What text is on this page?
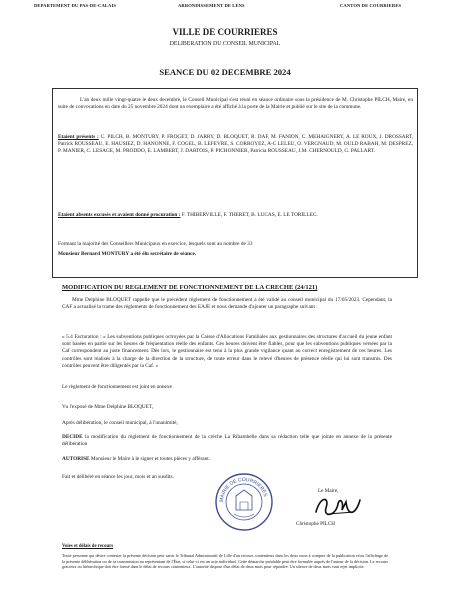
DEPARTEMENT DU PAS-DE-CALAIS	ARRONDISSEMENT DE LENS	CANTON DE COURRIERES
VILLE DE COURRIERES
DELIBERATION DU CONSEIL MUNICIPAL
SEANCE DU 02 DECEMBRE 2024

L'an deux mille vingt-quatre le deux decembre, le Conseil Municipal s'est réuni en séance ordinaire sous la présidence de M. Christophe PILCH, Maire, en suite de convocations en date du 25 novembre 2024 dont un exemplaire a été affiché à la porte de la Mairie et publié sur le site de la commune.

Etaient présents : C. PILCH, B. MONTURY, P. FROGET, D. JARRY, D. BLOQUET, R. DAF, M. FANION, C. MEHAIGNERY, A. LE ROUX, J. DROSSART, Patrick ROUSSEAU, E. HAUSIEZ, D. HANONNE, F. COGEL, B. LEFEVRE, S. CORROYEZ, A-C LELEU, O. VERGNAUD, M. OULD RABAH, M. DESPREZ, P. MANIER, C. LESAGE, M. PRODDO, E. LAMBERT, J. DARTOIS, P. PICHONNIER, Patricia ROUSSEAU, J.M. CHERNOULD, G. PALLART.

Etaient absents excusés et avaient donné procuration : F. THIBERVILLE, F. THERET, B. LUCAS, E. LE TORILLEC.

Formant la majorité des Conseillers Municipaux en exercice, lesquels sont au nombre de 33

Monsieur Bernard MONTURY a été élu secrétaire de séance.

MODIFICATION DU REGLEMENT DE FONCTIONNEMENT DE LA CRECHE (24/121)

Mme Delphine BLOQUET rappelle que le précédent règlement de fonctionnement a été validé au conseil municipal du 17/05/2023. Cependant, la CAF a actualisé la trame des règlements de fonctionnement des EAJE et nous demande d'ajouter un paragraphe suivant :

« 5.4 Facturation : « Les subventions publiques octroyées par la Caisse d'Allocations Familiales aux gestionnaires des structures d'accueil du jeune enfant sont basées en partie sur les heures de fréquentation réelle des enfants. Ces heures doivent être fiables, pour que les subventions publiques versées par la Caf correspondent au juste financement. Dès lors, le gestionnaire est tenu à la plus grande vigilance quant au correct enregistrement de ces heures. Les contrôles sont réalisés à la charge de la direction de la structure, de toute erreur dans le relevé d'heures de présence réelle qui lui sont transmis. Des contrôles peuvent être diligentés par la Caf. »

Le règlement de fonctionnement est joint en annexe

Vu l'exposé de Mme Delphine BLOQUET,

Après délibération, le conseil municipal, à l'unanimité,

DECIDE la modification du règlement de fonctionnement de la crèche La Ribambelle dans sa rédaction telle que jointe en annexe de la présente délibération

AUTORISE Monsieur le Maire à le signer et toutes pièces y afférant.

Fait et délibéré en séance les jour, mois et an susdits.

MAIRIE DE COURRIERES
Le Maire,
Christophe PILCH
Voies et délais de recours

Toute personne qui désire contester la présente décision peut saisir le Tribunal Administratif de Lille d'un recours contentieux dans les deux mois à compter de la publication et/ou l'affichage de la présente délibération ou de sa transmission au représentant de l'État, si celui-ci est un acte individuel. Cette démarche préalable peut être formulée auprès de l'auteur de la décision. Le recours gracieux ou hiérarchique doit être formé dans le délai de recours contentieux. L'autorité dispose d'un délai de deux mois pour répondre. Un silence de deux mois vaut rejet implicite.
